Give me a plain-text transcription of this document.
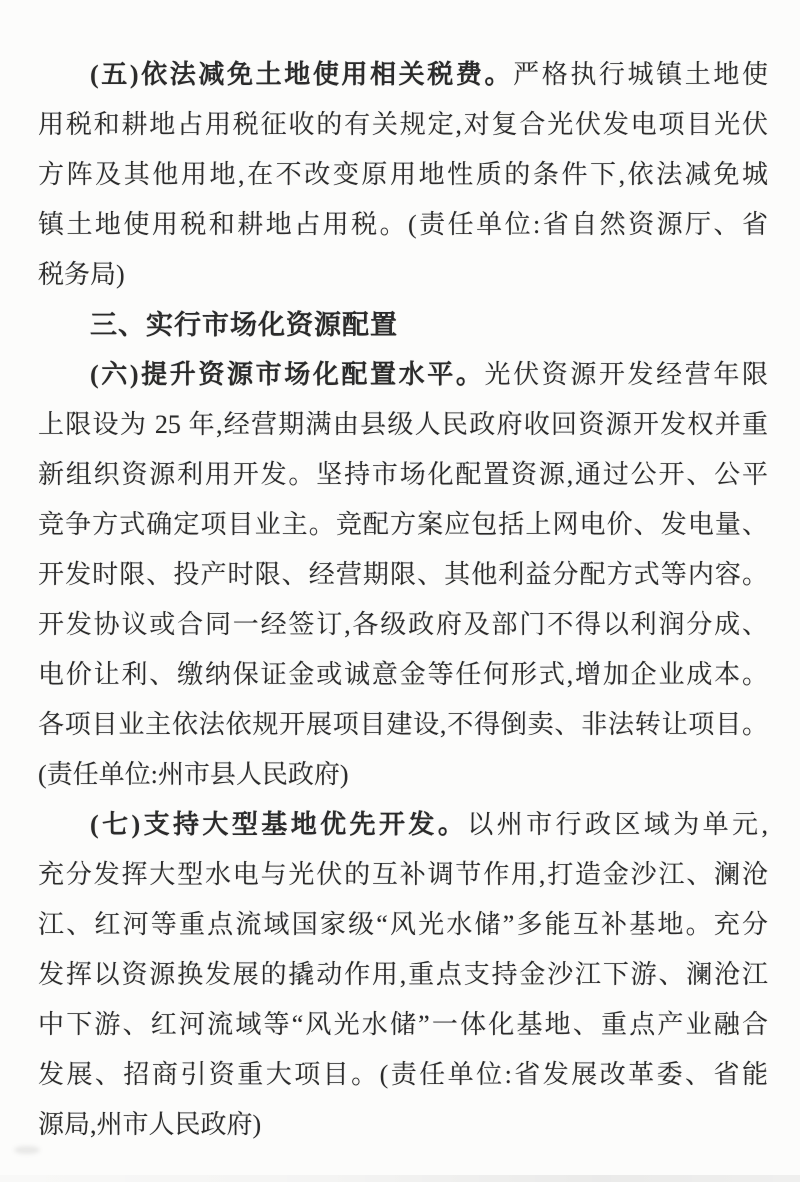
(五)依法减免土地使用相关税费。严格执行城镇土地使
用税和耕地占用税征收的有关规定,对复合光伏发电项目光伏
方阵及其他用地,在不改变原用地性质的条件下,依法减免城
镇土地使用税和耕地占用税。(责任单位:省自然资源厅、省
税务局)
三、实行市场化资源配置
(六)提升资源市场化配置水平。光伏资源开发经营年限
上限设为 25 年,经营期满由县级人民政府收回资源开发权并重
新组织资源利用开发。坚持市场化配置资源,通过公开、公平
竞争方式确定项目业主。竞配方案应包括上网电价、发电量、
开发时限、投产时限、经营期限、其他利益分配方式等内容。
开发协议或合同一经签订,各级政府及部门不得以利润分成、
电价让利、缴纳保证金或诚意金等任何形式,增加企业成本。
各项目业主依法依规开展项目建设,不得倒卖、非法转让项目。
(责任单位:州市县人民政府)
(七)支持大型基地优先开发。以州市行政区域为单元,
充分发挥大型水电与光伏的互补调节作用,打造金沙江、澜沧
江、红河等重点流域国家级“风光水储”多能互补基地。充分
发挥以资源换发展的撬动作用,重点支持金沙江下游、澜沧江
中下游、红河流域等“风光水储”一体化基地、重点产业融合
发展、招商引资重大项目。(责任单位:省发展改革委、省能
源局,州市人民政府)
